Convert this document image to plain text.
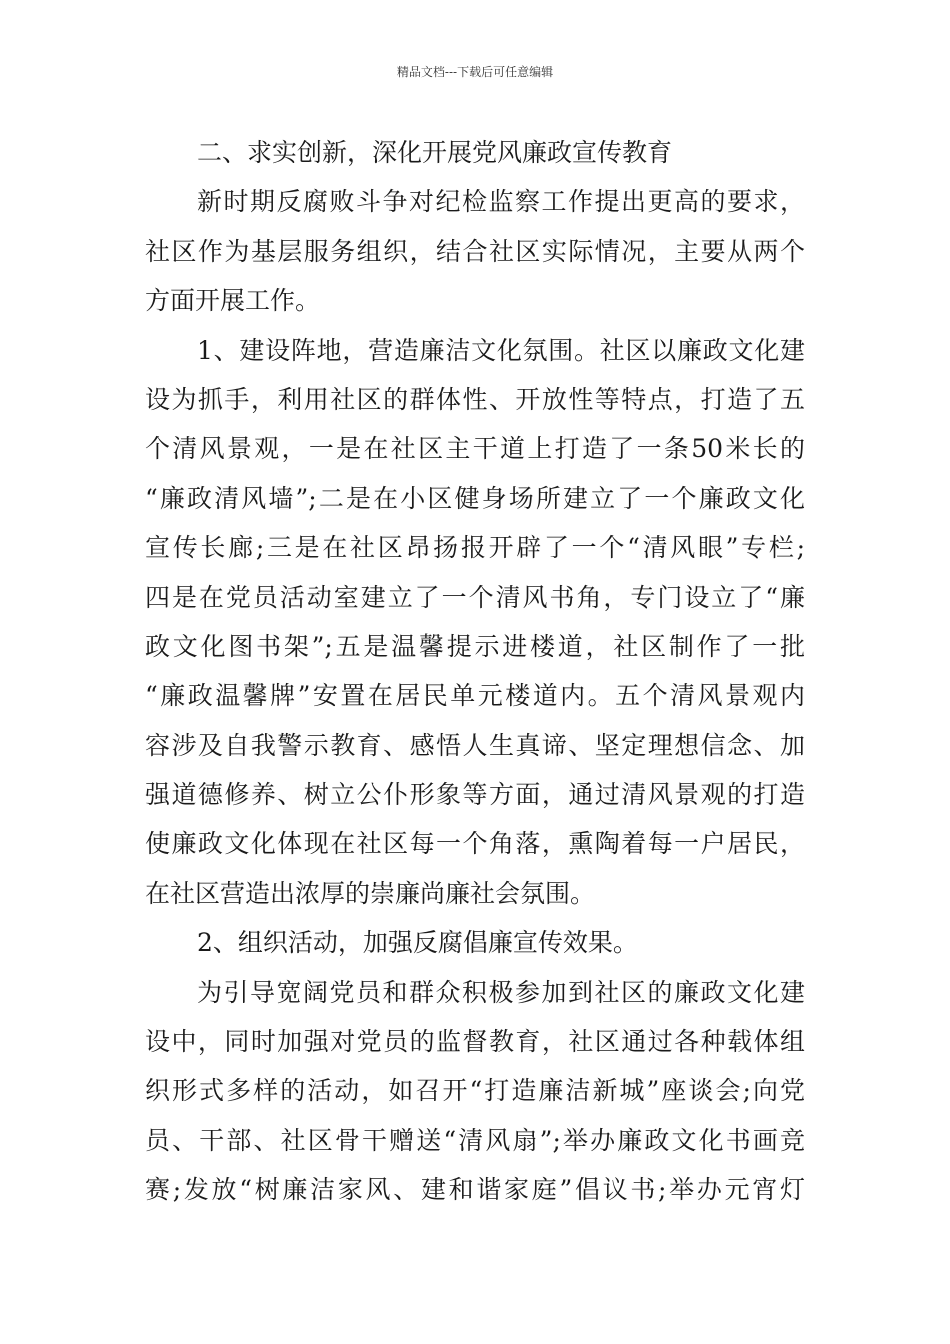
精品文档---下载后可任意编辑
二、求实创新，深化开展党风廉政宣传教育
新时期反腐败斗争对纪检监察工作提出更高的要求，
社区作为基层服务组织，结合社区实际情况，主要从两个
方面开展工作。
1、建设阵地，营造廉洁文化氛围。社区以廉政文化建
设为抓手，利用社区的群体性、开放性等特点，打造了五
个清风景观，一是在社区主干道上打造了一条50米长的
“廉政清风墙”;二是在小区健身场所建立了一个廉政文化
宣传长廊;三是在社区昂扬报开辟了一个“清风眼”专栏;
四是在党员活动室建立了一个清风书角，专门设立了“廉
政文化图书架”;五是温馨提示进楼道，社区制作了一批
“廉政温馨牌”安置在居民单元楼道内。五个清风景观内
容涉及自我警示教育、感悟人生真谛、坚定理想信念、加
强道德修养、树立公仆形象等方面，通过清风景观的打造
使廉政文化体现在社区每一个角落，熏陶着每一户居民，
在社区营造出浓厚的崇廉尚廉社会氛围。
2、组织活动，加强反腐倡廉宣传效果。
为引导宽阔党员和群众积极参加到社区的廉政文化建
设中，同时加强对党员的监督教育，社区通过各种载体组
织形式多样的活动，如召开“打造廉洁新城”座谈会;向党
员、干部、社区骨干赠送“清风扇”;举办廉政文化书画竞
赛;发放“树廉洁家风、建和谐家庭”倡议书;举办元宵灯
